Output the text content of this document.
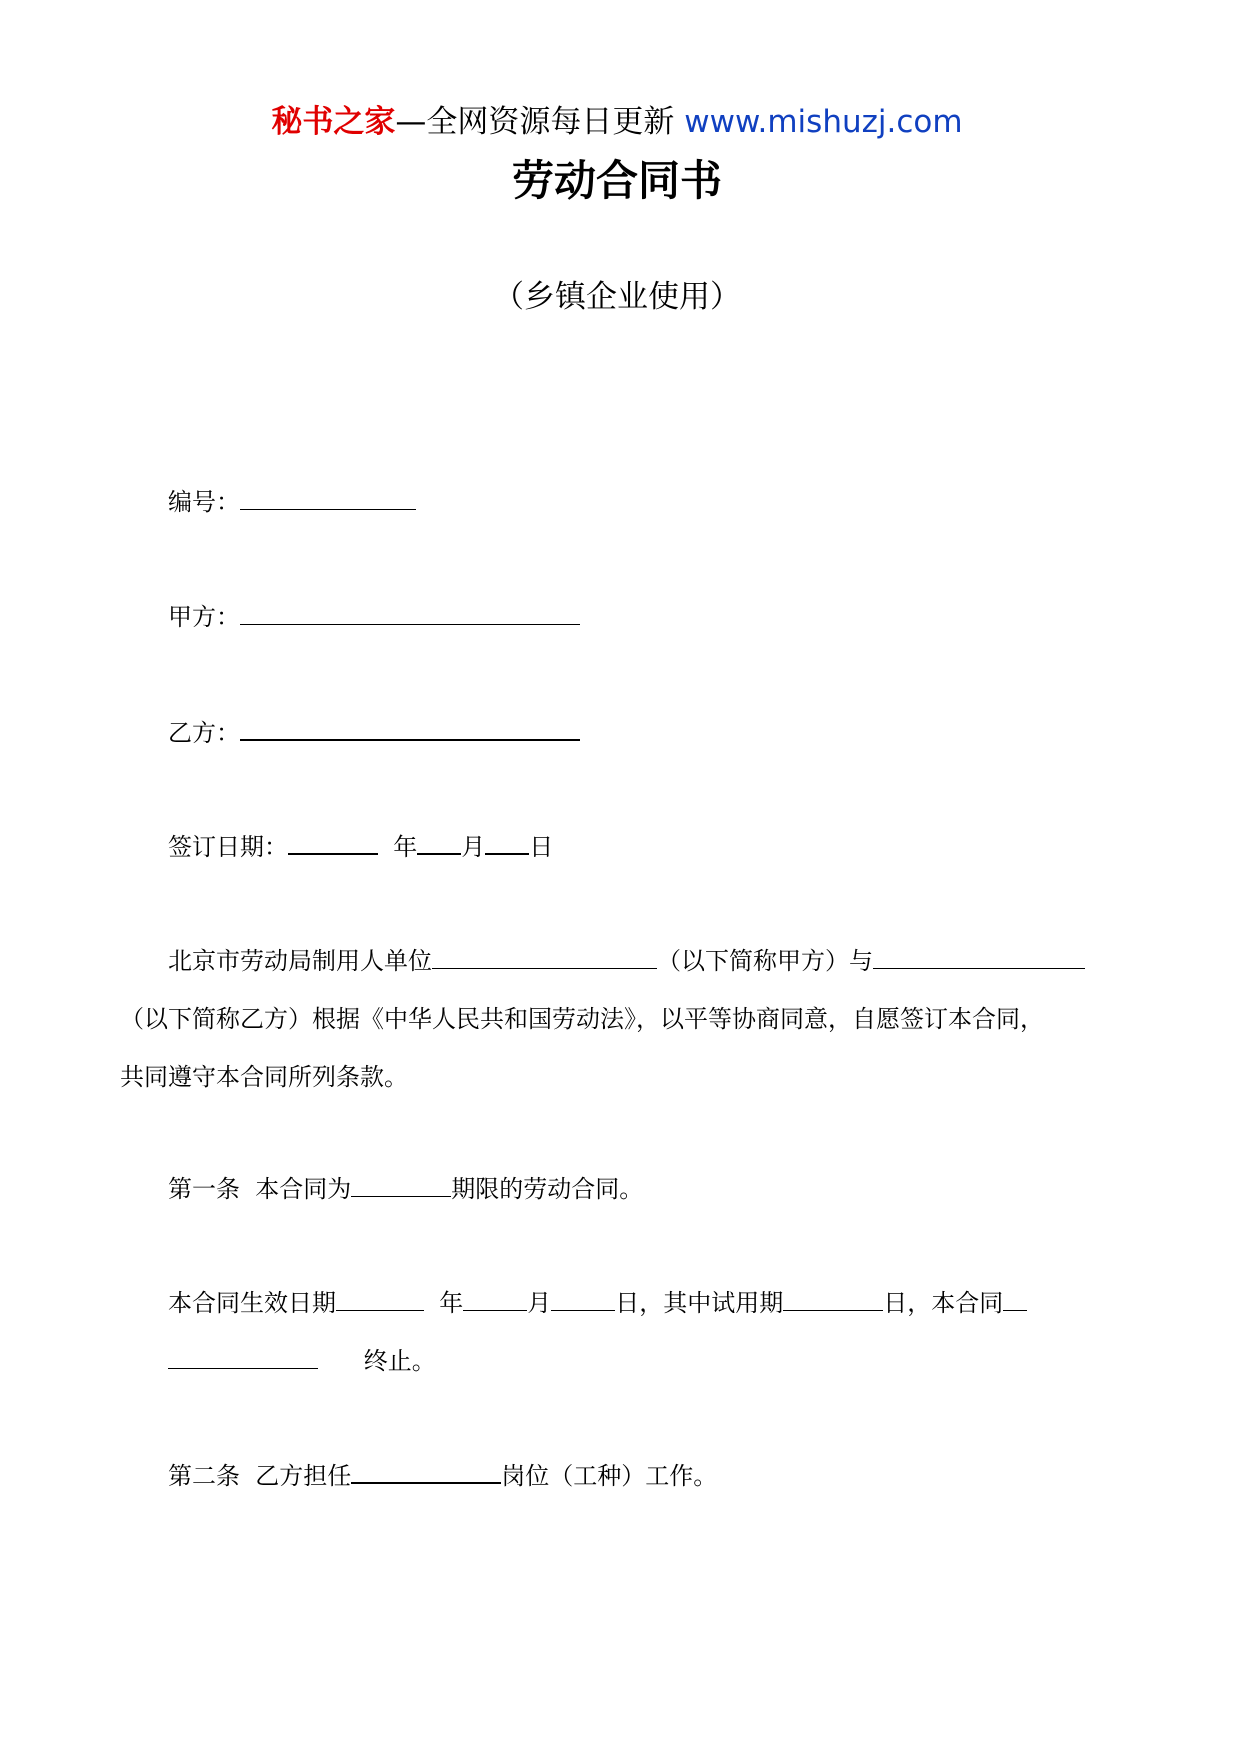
秘书之家—全网资源每日更新 www.mishuzj.com
劳动合同书
（乡镇企业使用）
编号：
甲方：
乙方：
签订日期：	年 月 日
北京市劳动局制用人单位	（以下简称甲方）与
（以下简称乙方）根据《中华人民共和国劳动法》，以平等协商同意，自愿签订本合同，
共同遵守本合同所列条款。
第一条 本合同为	期限的劳动合同。
本合同生效日期	年	月	日，其中试用期	日，本合同
终止。
第二条 乙方担任	岗位（工种）工作。
